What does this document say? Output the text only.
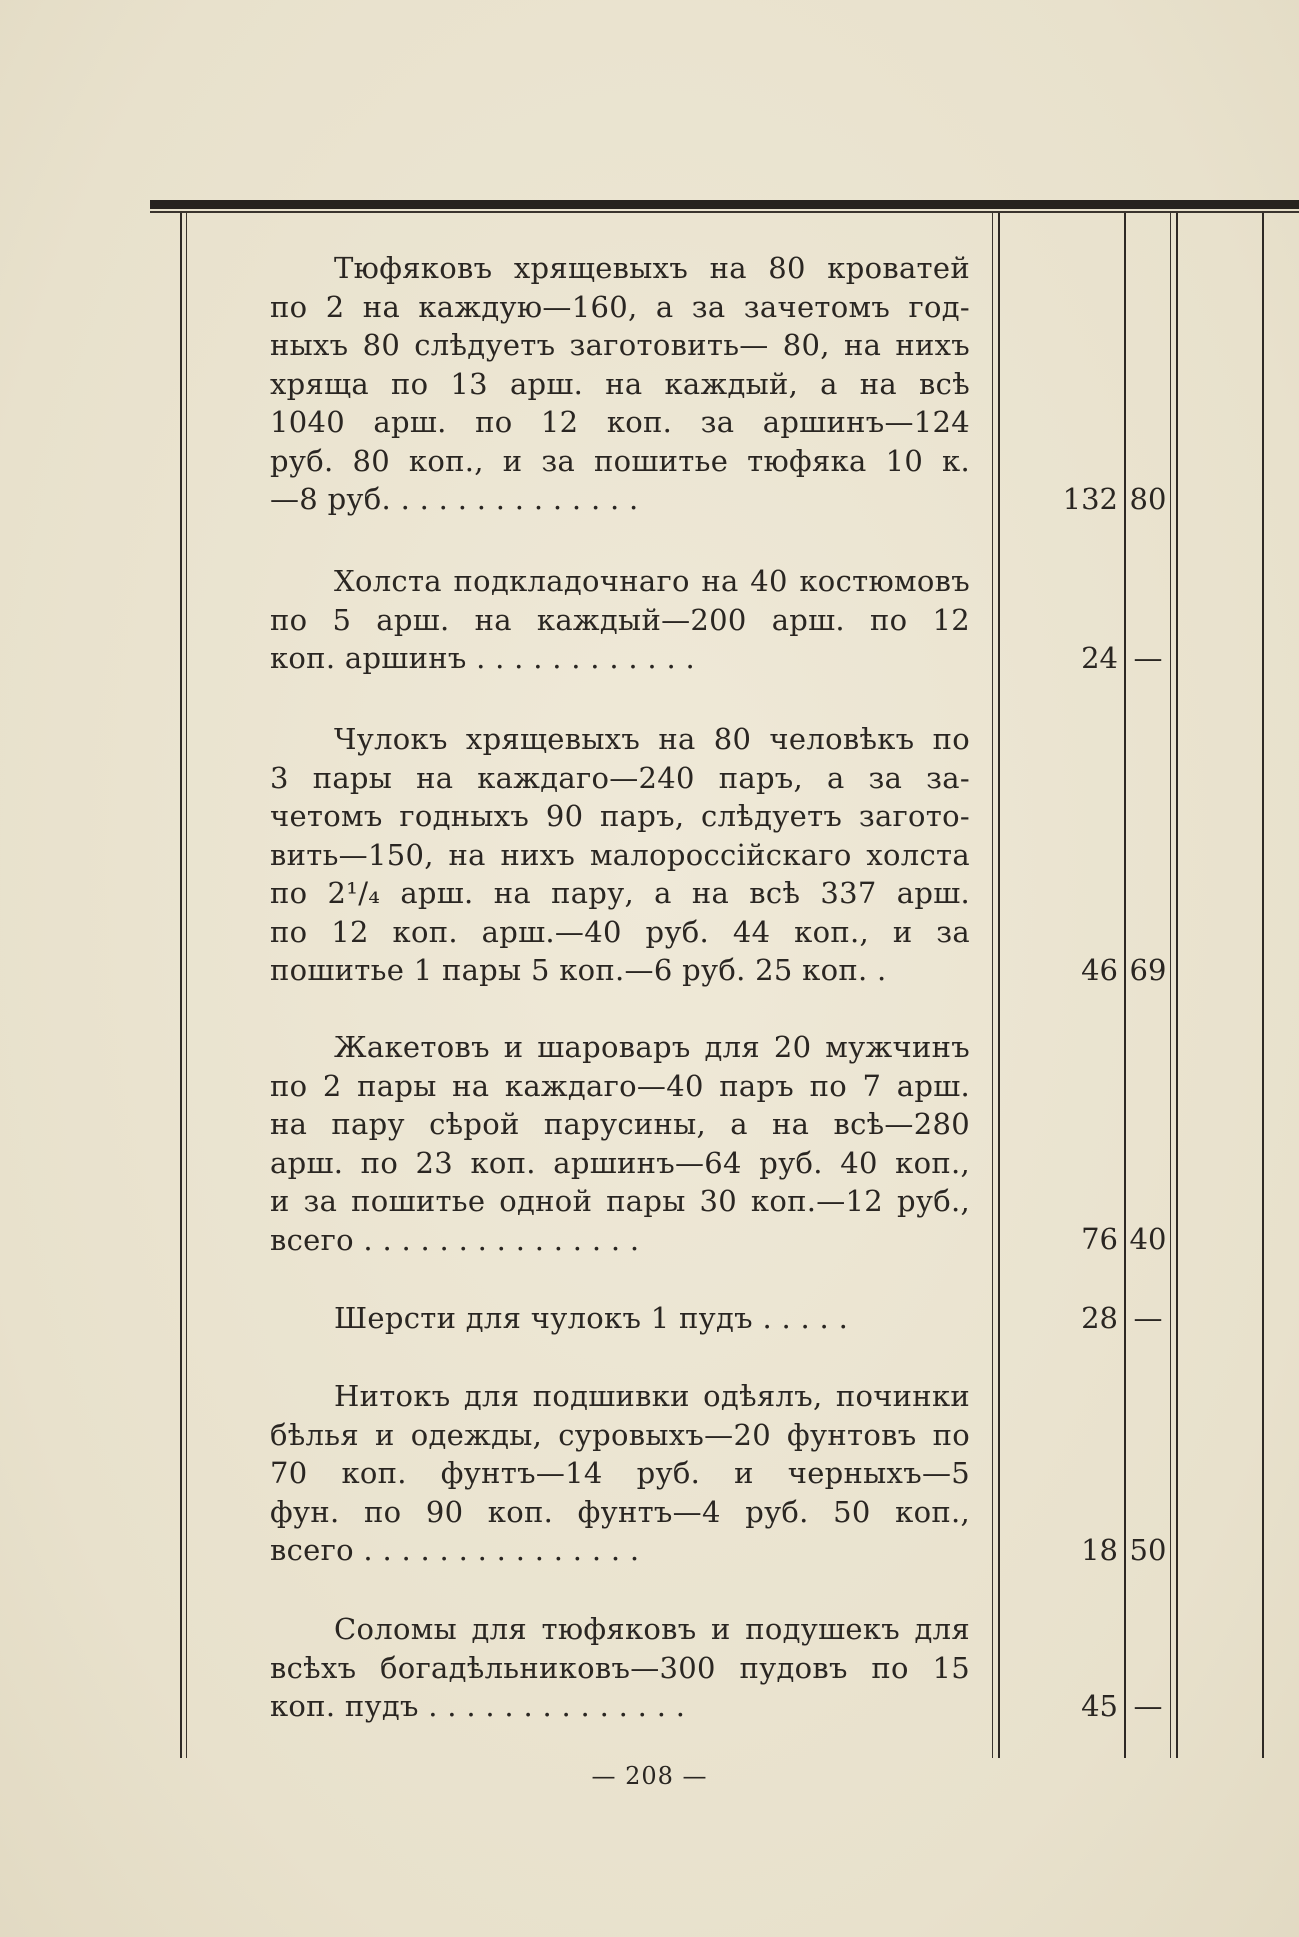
Тюфяковъ хрящевыхъ на 80 кроватей
по 2 на каждую—160, а за зачетомъ год-
ныхъ 80 слѣдуетъ заготовить— 80, на нихъ
хряща по 13 арш. на каждый, а на всѣ
1040 арш. по 12 коп. за аршинъ—124
руб. 80 коп., и за пошитье тюфяка 10 к.
—8 руб. . . . . . . . . . . . . .	132 80
Холста подкладочнаго на 40 костюмовъ
по 5 арш. на каждый—200 арш. по 12
коп. аршинъ . . . . . . . . . . . .	24 —
Чулокъ хрящевыхъ на 80 человѣкъ по
3 пары на каждаго—240 паръ, а за за-
четомъ годныхъ 90 паръ, слѣдуетъ загото-
вить—150, на нихъ малороссійскаго холста
по 2¹/₄ арш. на пару, а на всѣ 337 арш.
по 12 коп. арш.—40 руб. 44 коп., и за
пошитье 1 пары 5 коп.—6 руб. 25 коп. .	46 69
Жакетовъ и шароваръ для 20 мужчинъ
по 2 пары на каждаго—40 паръ по 7 арш.
на пару сѣрой парусины, а на всѣ—280
арш. по 23 коп. аршинъ—64 руб. 40 коп.,
и за пошитье одной пары 30 коп.—12 руб.,
всего . . . . . . . . . . . . . . .	76 40
Шерсти для чулокъ 1 пудъ . . . . .	28 —
Нитокъ для подшивки одѣялъ, починки
бѣлья и одежды, суровыхъ—20 фунтовъ по
70 коп. фунтъ—14 руб. и черныхъ—5
фун. по 90 коп. фунтъ—4 руб. 50 коп.,
всего . . . . . . . . . . . . . . .	18 50
Соломы для тюфяковъ и подушекъ для
всѣхъ богадѣльниковъ—300 пудовъ по 15
коп. пудъ . . . . . . . . . . . . . .	45 —
— 208 —
